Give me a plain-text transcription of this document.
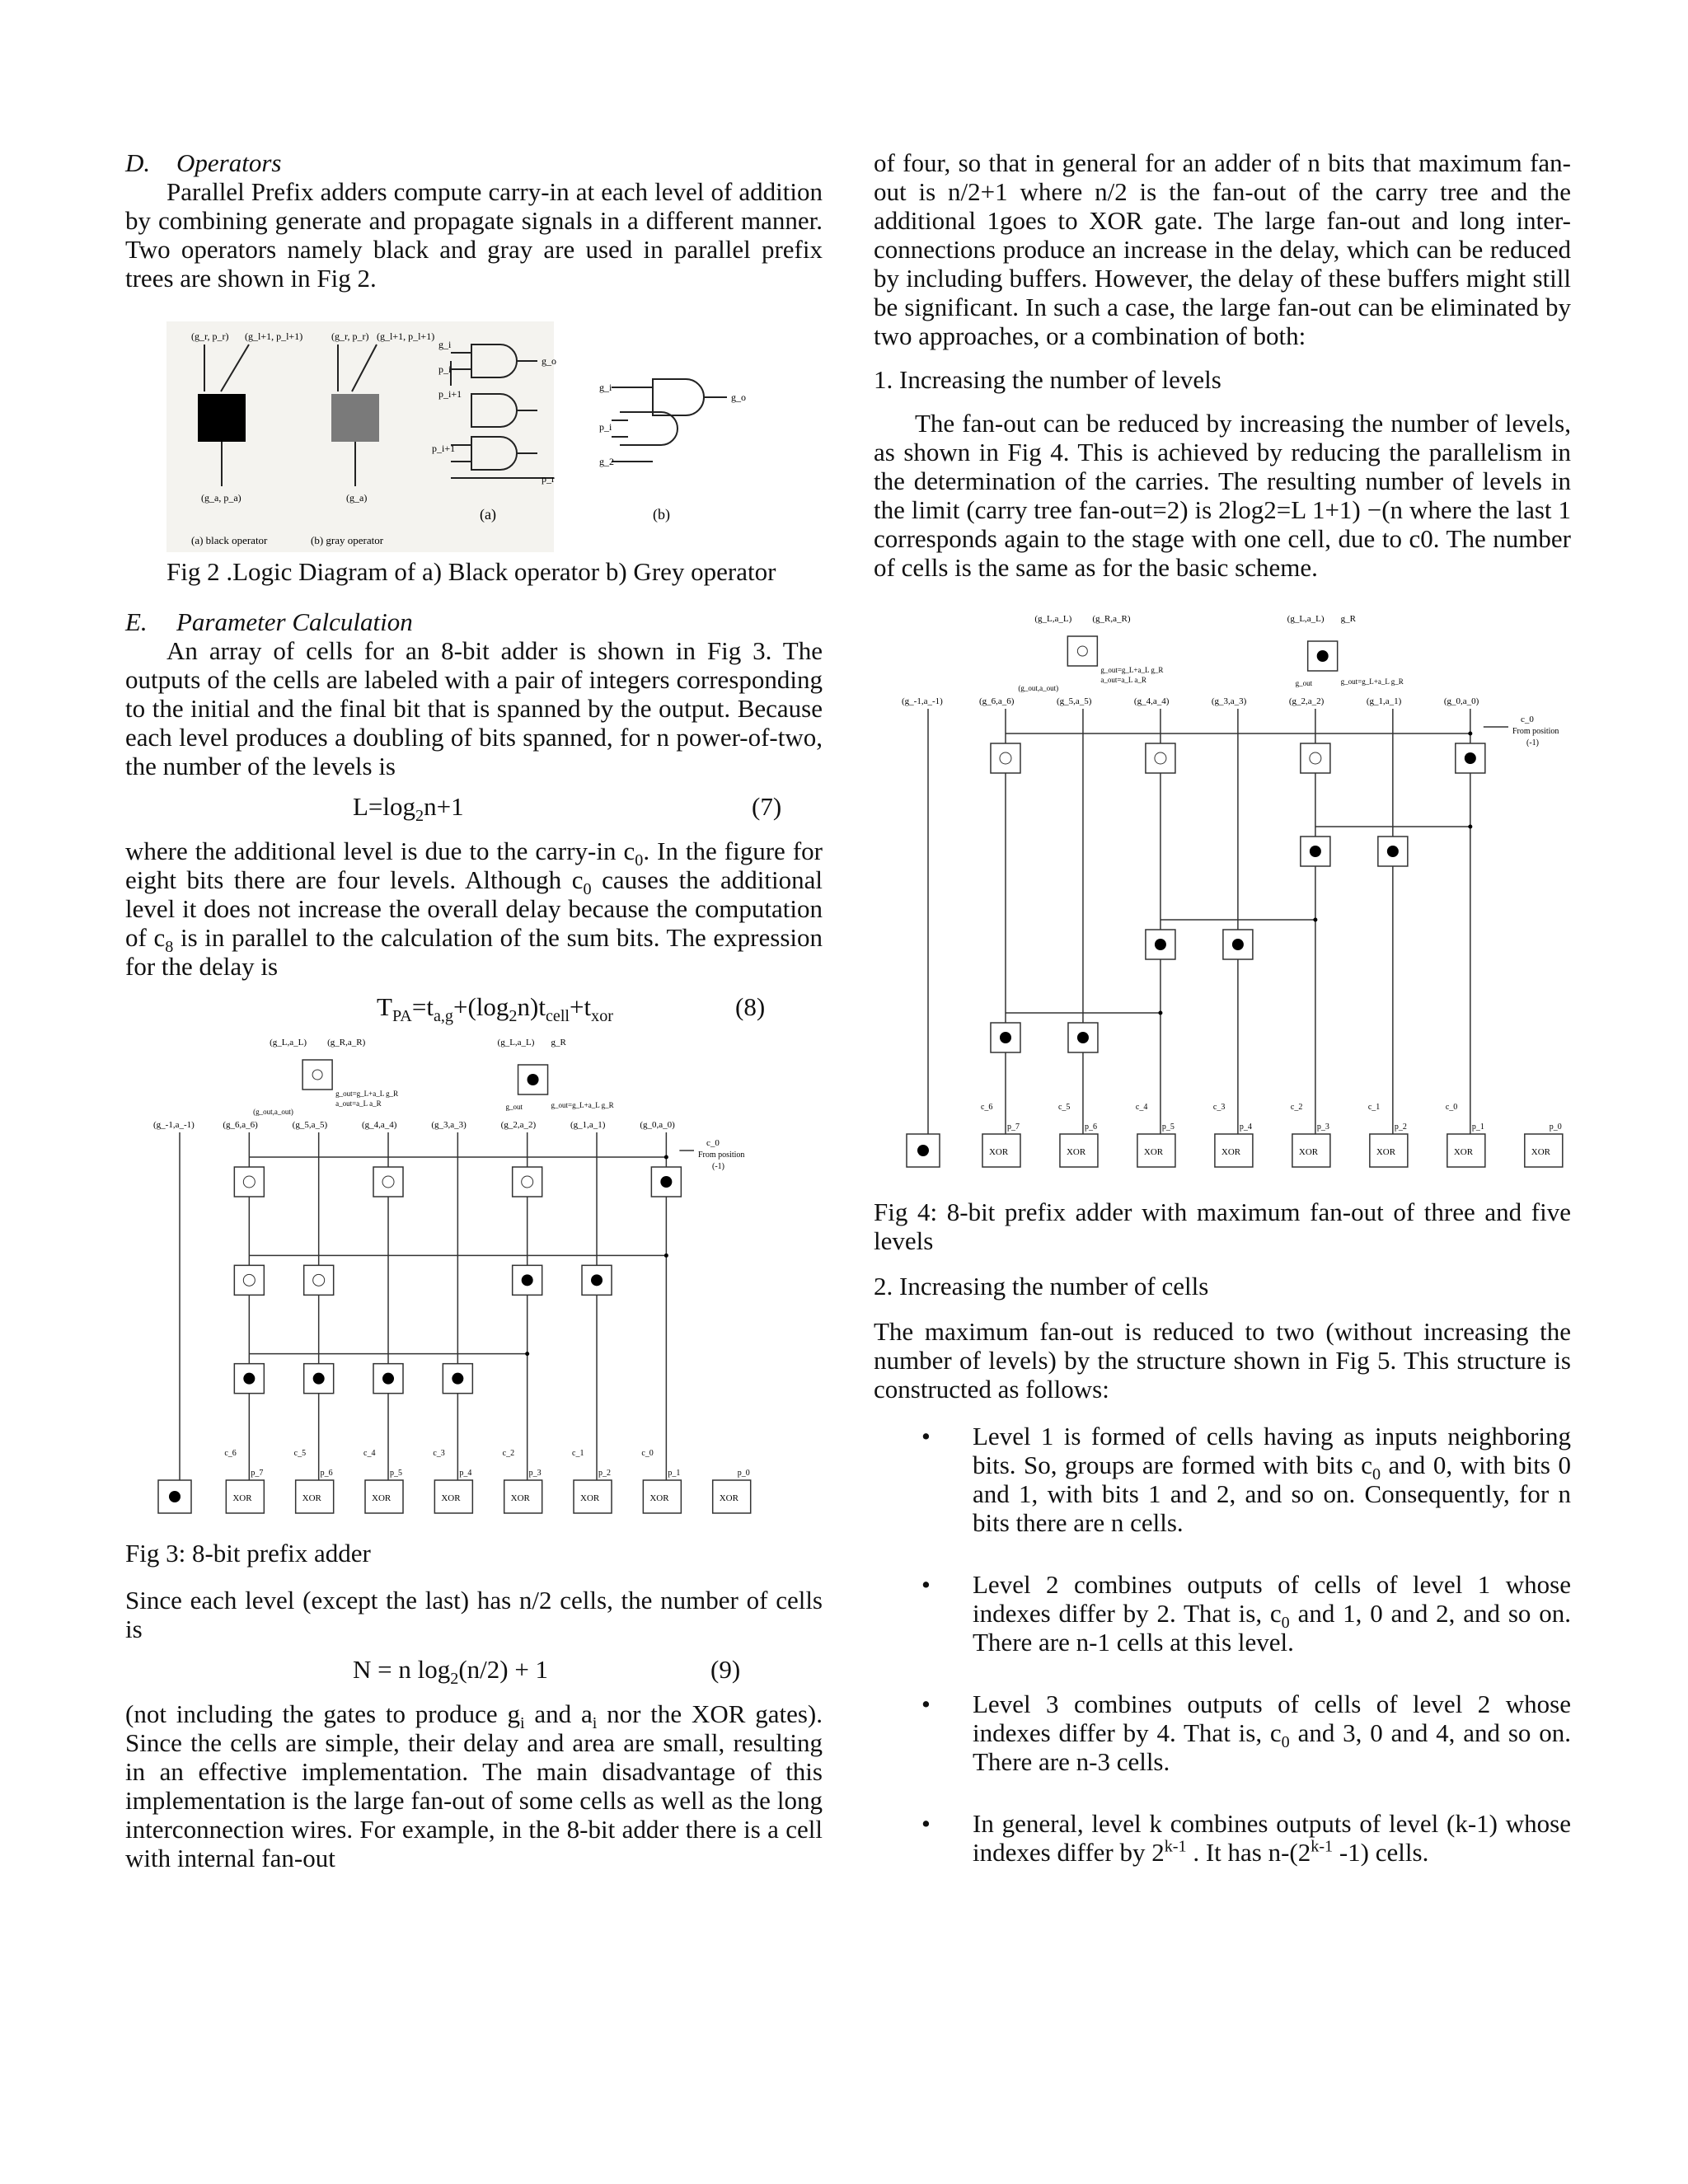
D. Operators

Parallel Prefix adders compute carry-in at each level of addition by combining generate and propagate signals in a different manner. Two operators namely black and gray are used in parallel prefix trees are shown in Fig 2.

(g_r, p_r) (g_l+1, p_l+1)
(g_a, p_a)
(a) black operator
(g_r, p_r) (g_l+1, p_l+1)
(g_a)
(b) gray operator
g_i
p_i
p_i+1
p_i+1
g_o
p_r
(a)
g_i
p_i
g_2
g_o
(b)

Fig 2 .Logic Diagram of a) Black operator b) Grey operator

E. Parameter Calculation

An array of cells for an 8-bit adder is shown in Fig 3. The outputs of the cells are labeled with a pair of integers corresponding to the initial and the final bit that is spanned by the output. Because each level produces a doubling of bits spanned, for n power-of-two, the number of the levels is

$L=\log_2n+1$	(7)

where the additional level is due to the carry-in $c_0$. In the figure for eight bits there are four levels. Although $c_0$ causes the additional level it does not increase the overall delay because the computation of $c_8$ is in parallel to the calculation of the sum bits. The expression for the delay is

$T_{PA}=t_{a,g}+(\log_2n)t_{cell}+t_{xor}$	(8)
(g_L,a_L) (g_R,a_R)
g_out=g_L+a_L g_R
a_out=a_L a_R
(g_out,a_out)
(g_L,a_L) g_R
g_out=g_L+a_L g_R
g_out
(g_-1,a_-1)	(g_6,a_6)	(g_5,a_5)	(g_4,a_4)	(g_3,a_3)	(g_2,a_2)	(g_1,a_1)	(g_0,a_0)
c_0
From position
(-1)
XOR
p_7
c_6
XOR
p_6
c_5
XOR
p_5
c_4
XOR
p_4
c_3
XOR
p_3
c_2
XOR
p_2
c_1
XOR
p_1
c_0
XOR
p_0

Fig 3: 8-bit prefix adder

Since each level (except the last) has n/2 cells, the number of cells is

N = n $\log_2(n/2) + 1$	(9)

(not including the gates to produce $g_i$ and $a_i$ nor the XOR gates). Since the cells are simple, their delay and area are small, resulting in an effective implementation. The main disadvantage of this implementation is the large fan-out of some cells as well as the long interconnection wires. For example, in the 8-bit adder there is a cell with internal fan-out

of four, so that in general for an adder of n bits that maximum fan-out is n/2+1 where n/2 is the fan-out of the carry tree and the additional 1goes to XOR gate. The large fan-out and long inter-connections produce an increase in the delay, which can be reduced by including buffers. However, the delay of these buffers might still be significant. In such a case, the large fan-out can be eliminated by two approaches, or a combination of both:

1. Increasing the number of levels

The fan-out can be reduced by increasing the number of levels, as shown in Fig 4. This is achieved by reducing the parallelism in the determination of the carries. The resulting number of levels in the limit (carry tree fan-out=2) is 2log2=L 1+1) −(n where the last 1 corresponds again to the stage with one cell, due to c0. The number of cells is the same as for the basic scheme.

(g_L,a_L) (g_R,a_R)
g_out=g_L+a_L g_R
a_out=a_L a_R
(g_out,a_out)
(g_L,a_L) g_R
g_out=g_L+a_L g_R
g_out
(g_-1,a_-1)	(g_6,a_6)	(g_5,a_5)	(g_4,a_4)	(g_3,a_3)	(g_2,a_2)	(g_1,a_1)	(g_0,a_0)
c_0
From position
(-1)
XOR
p_7
c_6
XOR
p_6
c_5
XOR
p_5
c_4
XOR
p_4
c_3
XOR
p_3
c_2
XOR
p_2
c_1
XOR
p_1
c_0
XOR
p_0

Fig 4: 8-bit prefix adder with maximum fan-out of three and five levels

2. Increasing the number of cells

The maximum fan-out is reduced to two (without increasing the number of levels) by the structure shown in Fig 5. This structure is constructed as follows:

• Level 1 is formed of cells having as inputs neighboring bits. So, groups are formed with bits $c_0$ and 0, with bits 0 and 1, with bits 1 and 2, and so on. Consequently, for n bits there are n cells.
• Level 2 combines outputs of cells of level 1 whose indexes differ by 2. That is, $c_0$ and 1, 0 and 2, and so on. There are n-1 cells at this level.
• Level 3 combines outputs of cells of level 2 whose indexes differ by 4. That is, $c_0$ and 3, 0 and 4, and so on. There are n-3 cells.
• In general, level k combines outputs of level (k-1) whose indexes differ by 2$^{k-1}$ . It has n-(2$^{k-1}$ -1) cells.
